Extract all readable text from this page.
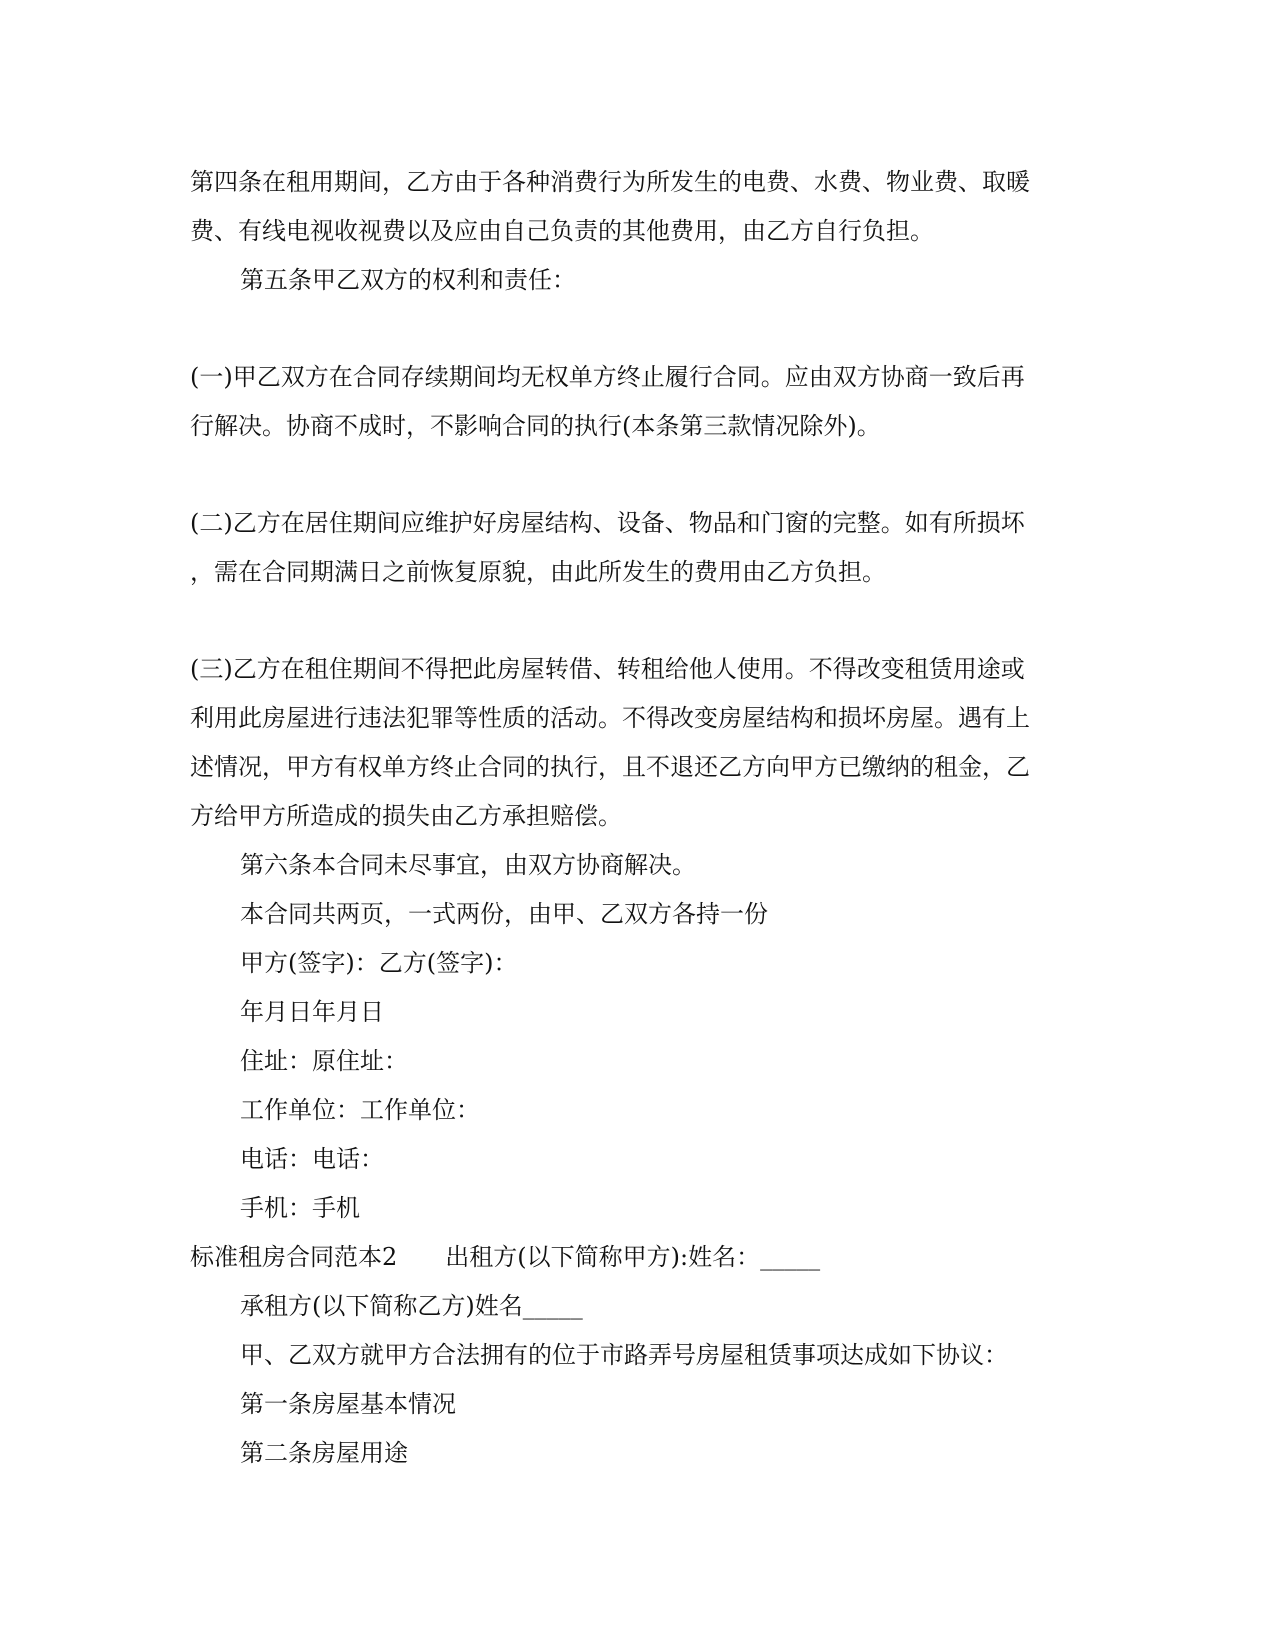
第四条在租用期间，乙方由于各种消费行为所发生的电费、水费、物业费、取暖
费、有线电视收视费以及应由自己负责的其他费用，由乙方自行负担。
第五条甲乙双方的权利和责任：
(一)甲乙双方在合同存续期间均无权单方终止履行合同。应由双方协商一致后再
行解决。协商不成时，不影响合同的执行(本条第三款情况除外)。
(二)乙方在居住期间应维护好房屋结构、设备、物品和门窗的完整。如有所损坏
，需在合同期满日之前恢复原貌，由此所发生的费用由乙方负担。
(三)乙方在租住期间不得把此房屋转借、转租给他人使用。不得改变租赁用途或
利用此房屋进行违法犯罪等性质的活动。不得改变房屋结构和损坏房屋。遇有上
述情况，甲方有权单方终止合同的执行，且不退还乙方向甲方已缴纳的租金，乙
方给甲方所造成的损失由乙方承担赔偿。
第六条本合同未尽事宜，由双方协商解决。
本合同共两页，一式两份，由甲、乙双方各持一份
甲方(签字)：乙方(签字)：
年月日年月日
住址：原住址：
工作单位：工作单位：
电话：电话：
手机：手机
标准租房合同范本2 出租方(以下简称甲方):姓名：_____
承租方(以下简称乙方)姓名_____
甲、乙双方就甲方合法拥有的位于市路弄号房屋租赁事项达成如下协议：
第一条房屋基本情况
第二条房屋用途
